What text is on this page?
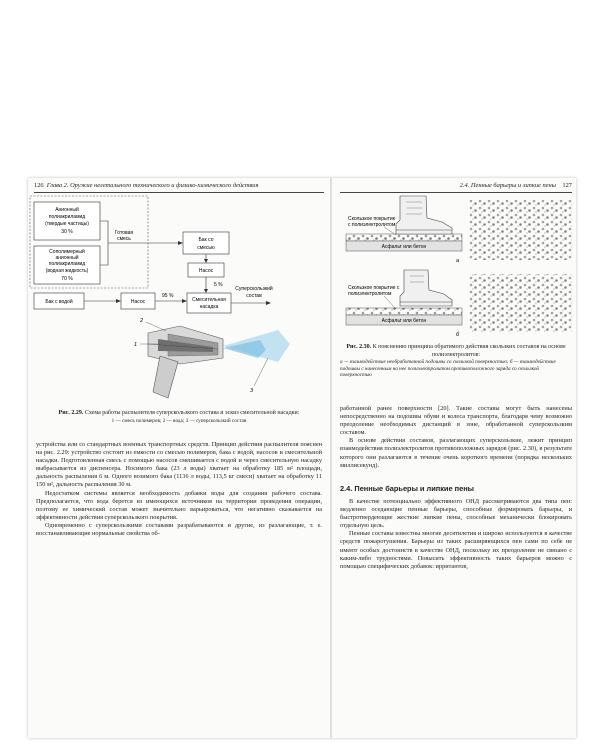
126 Глава 2. Оружие нелетального технического и физико-химического действия
Анионный
полиакриламид
(твердые частицы)
30 %
Сополимерный
анионный
полиакриламид
(водная жидкость)
70 %
Готовая
смесь	Бак со
смесью
Насос
5 %
Бак с водой	Насос
95 %
Смесительная
насадка
Суперскользкий
состав
2
1
3
Рис. 2.29. Схема работы распылителя суперскользкого состава и эскиз смесительной насадки:
1 — смесь полимеров; 2 — вода; 3 — суперскользкий состав

устройства или со стандартных военных транспортных средств. Принцип действия распылителя пояснен на рис. 2.29: устройство состоит из емкости со смесью полимеров, бака с водой, насосов и смесительной насадки. Подготовленная смесь с помощью насосов смешивается с водой и через смесительную насадку выбрасывается из диспенсера. Носимого бака (23 л воды) хватает на обработку 185 м² площади, дальность распыления 6 м. Одного возимого бака (1136 л воды, 113,5 кг смеси) хватает на обработку 11 150 м², дальность распыления 30 м.

Недостатком системы является необходимость добавки воды для создания рабочего состава. Предполагается, что вода берется из имеющихся источников на территории проведения операции, поэтому ее химический состав может значительно варьироваться, что негативно сказывается на эффективности действия суперскользкого покрытия.

Одновременно с суперскользкими составами разрабатываются и другие, из разлагающие, т. е. восстанавливающие нормальные свойства об-

2.4. Пенные барьеры и липкие пены 127
Асфальт или бетон
Скользкое покрытие
с полиэлектролитом
а
Асфальт или бетон
Скользкое покрытие с
полиэлектролитом
б
Рис. 2.30. К пояснению принципа обратимого действия скользких составов на основе полиэлектролитов:
а — взаимодействие необработанной подошвы со скользкой поверхностью; б — взаимодействие подошвы с нанесенным на нее полиэлектролитом противоположного заряда со скользкой поверхностью

работанной ранее поверхности [20]. Такие составы могут быть нанесены непосредственно на подошвы обуви и колеса транспорта, благодаря чему возможно преодоление необходимых дистанций в зоне, обработанной суперскользким составом.

В основе действия составов, разлагающих суперскользкие, лежит принцип взаимодействия полиэлектролитов противоположных зарядов (рис. 2.30), в результате которого они разлагаются в течение очень короткого времени (порядка нескольких миллисекунд).

2.4. Пенные барьеры и липкие пены

В качестве потенциально эффективного ОНД рассматриваются два типа пен: медленно оседающие пенные барьеры, способные формировать барьеры, и быстротвердеющие жесткие липкие пены, способные механически блокировать отдельную цель.

Пенные составы известны многие десятилетия и широко используются в качестве средств пожаротушения. Барьеры из таких расширяющихся пен сами по себе не имеют особых достоинств в качестве ОНД, поскольку их преодоление не связано с каким-либо трудностями. Повысить эффективность таких барьеров можно с помощью специфических добавок: ирритантов,
